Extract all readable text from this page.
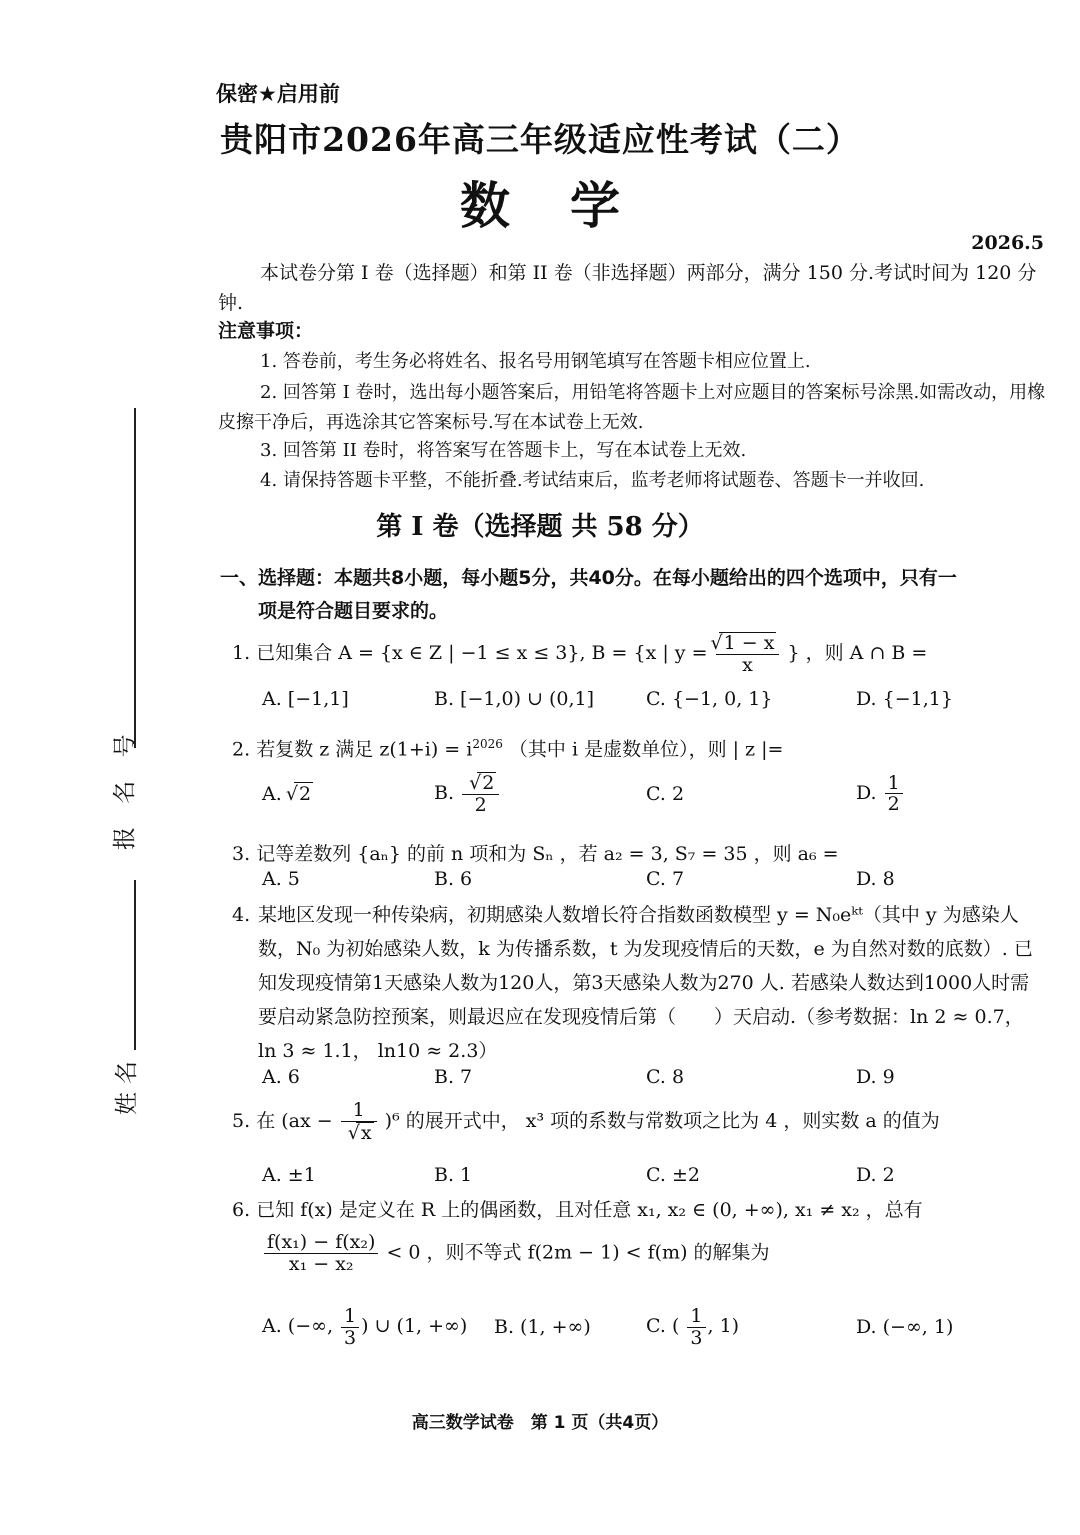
报 名 号
姓名
保密★启用前
贵阳市2026年高三年级适应性考试（二）
数学
2026.5
本试卷分第 I 卷（选择题）和第 II 卷（非选择题）两部分，满分 150 分.考试时间为 120 分钟.
注意事项：
1. 答卷前，考生务必将姓名、报名号用钢笔填写在答题卡相应位置上.
2. 回答第 I 卷时，选出每小题答案后，用铅笔将答题卡上对应题目的答案标号涂黑.如需改动，用橡皮擦干净后，再选涂其它答案标号.写在本试卷上无效.
3. 回答第 II 卷时，将答案写在答题卡上，写在本试卷上无效.
4. 请保持答题卡平整，不能折叠.考试结束后，监考老师将试题卷、答题卡一并收回.
第 I 卷（选择题 共 58 分）
一、选择题：本题共8小题，每小题5分，共40分。在每小题给出的四个选项中，只有一
项是符合题目要求的。
1. 已知集合 A = {x ∈ Z | −1 ≤ x ≤ 3}, B = {x | y = √ $\frac{1 - x}{x}$ } ，则 A ∩ B =
A. [−1,1]	B. [−1,0) ∪ (0,1]	C. {−1, 0, 1}	D. {−1,1}
2. 若复数 z 满足 $z(1+i) = i^{2026}$ （其中 i 是虚数单位），则 | z |=
A. √ 2	B. √ $\frac{2}{2}$	C. 2	D. $\frac{1}{2}$
3. 记等差数列 {aₙ} 的前 n 项和为 Sₙ ，若 a₂ = 3, S₇ = 35 ，则 a₆ =
A. 5	B. 6	C. 7	D. 8
4. 某地区发现一种传染病，初期感染人数增长符合指数函数模型 y = N₀eᵏᵗ（其中 y 为感染人数，N₀ 为初始感染人数，k 为传播系数，t 为发现疫情后的天数，e 为自然对数的底数）. 已知发现疫情第1天感染人数为120人，第3天感染人数为270 人. 若感染人数达到1000人时需要启动紧急防控预案，则最迟应在发现疫情后第（　　）天启动.（参考数据：ln 2 ≈ 0.7， ln 3 ≈ 1.1， ln10 ≈ 2.3）
A. 6	B. 7	C. 8	D. 9
5. 在 (ax − 1
√ x )⁶ 的展开式中， x³ 项的系数与常数项之比为 4 ，则实数 a 的值为
A. ±1	B. 1	C. ±2	D. 2
6. 已知 f(x) 是定义在 R 上的偶函数，且对任意 x₁, x₂ ∈ (0, +∞), x₁ ≠ x₂ ，总有
$\frac{\text{f(x₁) − f(x₂)}}{\text{x₁ − x₂}} < 0$ ，则不等式 f(2m − 1) < f(m) 的解集为
A. (−∞, $\frac{1}{3}$ ) ∪ (1, +∞)	B. (1, +∞)	C. ( $\frac{1}{3}$ , 1)	D. (−∞, 1)
高三数学试卷　第 1 页（共4页）
